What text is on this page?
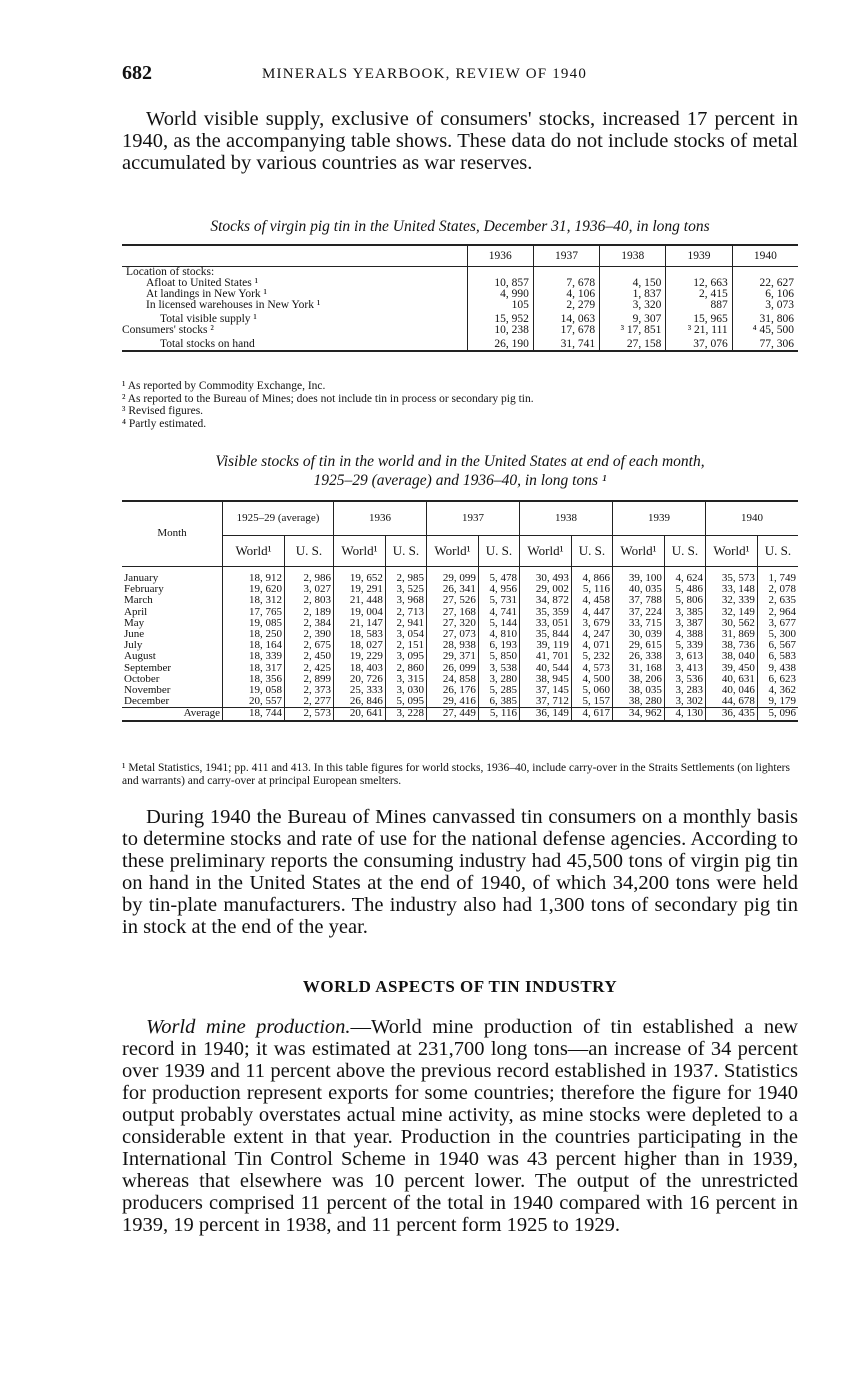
682	MINERALS YEARBOOK, REVIEW OF 1940

World visible supply, exclusive of consumers' stocks, increased 17 percent in 1940, as the accompanying table shows. These data do not include stocks of metal accumulated by various countries as war reserves.

Stocks of virgin pig tin in the United States, December 31, 1936–40, in long tons
	1936	1937	1938	1939	1940
Location of stocks:					
Afloat to United States ¹	10, 857	7, 678	4, 150	12, 663	22, 627
At landings in New York ¹	4, 990	4, 106	1, 837	2, 415	6, 106
In licensed warehouses in New York ¹	105	2, 279	3, 320	887	3, 073
Total visible supply ¹	15, 952	14, 063	9, 307	15, 965	31, 806
Consumers' stocks ²	10, 238	17, 678	³ 17, 851	³ 21, 111	⁴ 45, 500
Total stocks on hand	26, 190	31, 741	27, 158	37, 076	77, 306
¹ As reported by Commodity Exchange, Inc.
² As reported to the Bureau of Mines; does not include tin in process or secondary pig tin.
³ Revised figures.
⁴ Partly estimated.
Visible stocks of tin in the world and in the United States at end of each month,
1925–29 (average) and 1936–40, in long tons ¹
Month	1925–29 (average)		1936		1937		1938		1939		1940	
	World¹	U. S.	World¹	U. S.	World¹	U. S.	World¹	U. S.	World¹	U. S.	World¹	U. S.
January	18, 912	2, 986	19, 652	2, 985	29, 099	5, 478	30, 493	4, 866	39, 100	4, 624	35, 573	1, 749
February	19, 620	3, 027	19, 291	3, 525	26, 341	4, 956	29, 002	5, 116	40, 035	5, 486	33, 148	2, 078
March	18, 312	2, 803	21, 448	3, 968	27, 526	5, 731	34, 872	4, 458	37, 788	5, 806	32, 339	2, 635
April	17, 765	2, 189	19, 004	2, 713	27, 168	4, 741	35, 359	4, 447	37, 224	3, 385	32, 149	2, 964
May	19, 085	2, 384	21, 147	2, 941	27, 320	5, 144	33, 051	3, 679	33, 715	3, 387	30, 562	3, 677
June	18, 250	2, 390	18, 583	3, 054	27, 073	4, 810	35, 844	4, 247	30, 039	4, 388	31, 869	5, 300
July	18, 164	2, 675	18, 027	2, 151	28, 938	6, 193	39, 119	4, 071	29, 615	5, 339	38, 736	6, 567
August	18, 339	2, 450	19, 229	3, 095	29, 371	5, 850	41, 701	5, 232	26, 338	3, 613	38, 040	6, 583
September	18, 317	2, 425	18, 403	2, 860	26, 099	3, 538	40, 544	4, 573	31, 168	3, 413	39, 450	9, 438
October	18, 356	2, 899	20, 726	3, 315	24, 858	3, 280	38, 945	4, 500	38, 206	3, 536	40, 631	6, 623
November	19, 058	2, 373	25, 333	3, 030	26, 176	5, 285	37, 145	5, 060	38, 035	3, 283	40, 046	4, 362
December	20, 557	2, 277	26, 846	5, 095	29, 416	6, 385	37, 712	5, 157	38, 280	3, 302	44, 678	9, 179
Average	18, 744	2, 573	20, 641	3, 228	27, 449	5, 116	36, 149	4, 617	34, 962	4, 130	36, 435	5, 096
¹ Metal Statistics, 1941; pp. 411 and 413. In this table figures for world stocks, 1936–40, include carry-over in the Straits Settlements (on lighters and warrants) and carry-over at principal European smelters.

During 1940 the Bureau of Mines canvassed tin consumers on a monthly basis to determine stocks and rate of use for the national defense agencies. According to these preliminary reports the consuming industry had 45,500 tons of virgin pig tin on hand in the United States at the end of 1940, of which 34,200 tons were held by tin-plate manufacturers. The industry also had 1,300 tons of secondary pig tin in stock at the end of the year.

WORLD ASPECTS OF TIN INDUSTRY

World mine production.—World mine production of tin established a new record in 1940; it was estimated at 231,700 long tons—an increase of 34 percent over 1939 and 11 percent above the previous record established in 1937. Statistics for production represent exports for some countries; therefore the figure for 1940 output probably overstates actual mine activity, as mine stocks were depleted to a considerable extent in that year. Production in the countries participating in the International Tin Control Scheme in 1940 was 43 percent higher than in 1939, whereas that elsewhere was 10 percent lower. The output of the unrestricted producers comprised 11 percent of the total in 1940 compared with 16 percent in 1939, 19 percent in 1938, and 11 percent form 1925 to 1929.
